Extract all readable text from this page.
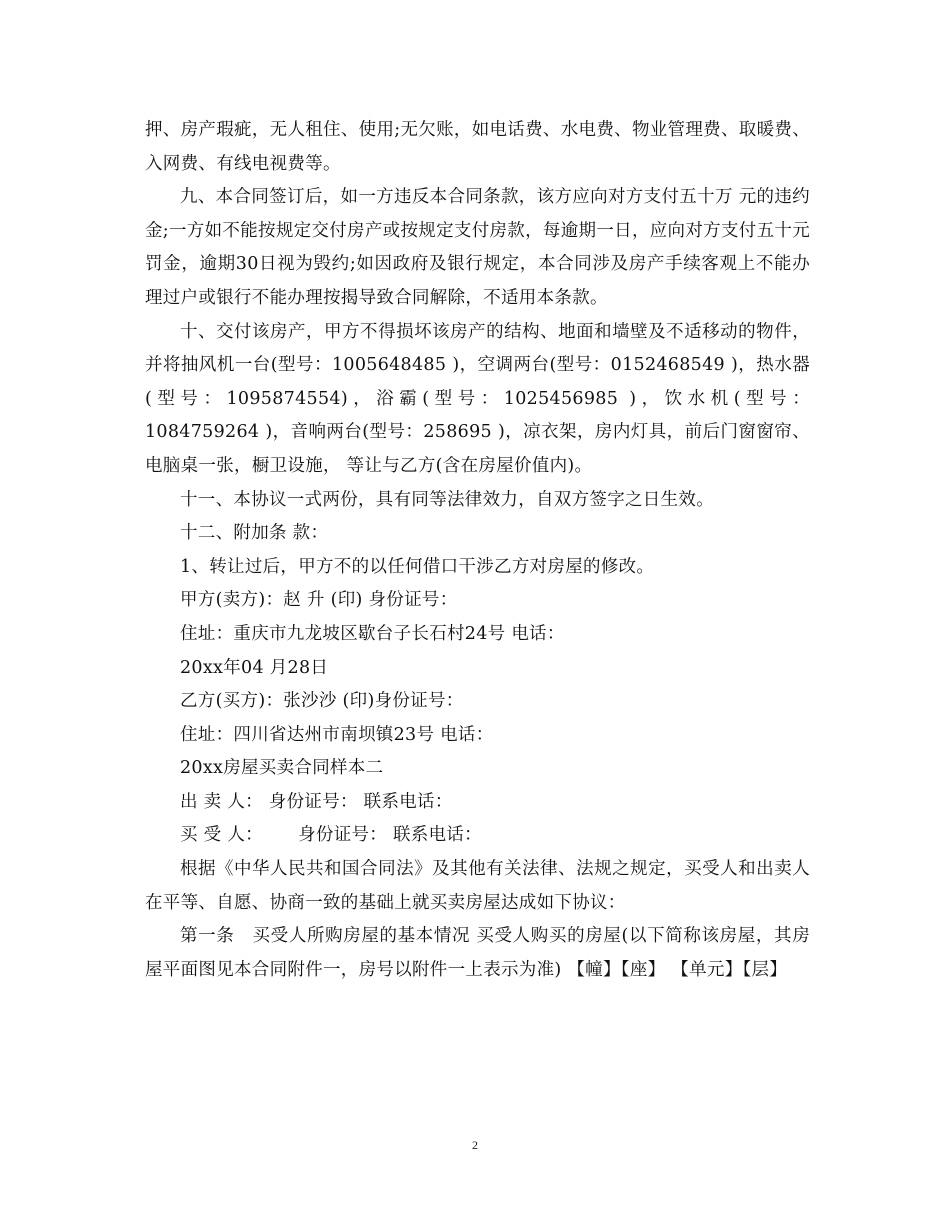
押、房产瑕疵，无人租住、使用;无欠账，如电话费、水电费、物业管理费、取暖费、入网费、有线电视费等。

九、本合同签订后，如一方违反本合同条款，该方应向对方支付五十万 元的违约金;一方如不能按规定交付房产或按规定支付房款，每逾期一日，应向对方支付五十元罚金，逾期30日视为毁约;如因政府及银行规定，本合同涉及房产手续客观上不能办理过户或银行不能办理按揭导致合同解除，不适用本条款。

十、交付该房产，甲方不得损坏该房产的结构、地面和墙壁及不适移动的物件，并将抽风机一台(型号：1005648485 )，空调两台(型号：0152468549 )，热水器(型号：1095874554)，浴霸(型号：1025456985 )，饮水机(型号：1084759264 )，音响两台(型号：258695 )，凉衣架，房内灯具，前后门窗窗帘、电脑桌一张，橱卫设施， 等让与乙方(含在房屋价值内)。

十一、本协议一式两份，具有同等法律效力，自双方签字之日生效。

十二、附加条 款：

1、转让过后，甲方不的以任何借口干涉乙方对房屋的修改。

甲方(卖方)：赵 升 (印) 身份证号：

住址：重庆市九龙坡区歇台子长石村24号 电话：

20xx年04 月28日

乙方(买方)：张沙沙 (印)身份证号：

住址：四川省达州市南坝镇23号 电话：

20xx房屋买卖合同样本二

出 卖 人： 身份证号： 联系电话：

买 受 人：      身份证号： 联系电话：

根据《中华人民共和国合同法》及其他有关法律、法规之规定，买受人和出卖人在平等、自愿、协商一致的基础上就买卖房屋达成如下协议：

第一条　买受人所购房屋的基本情况 买受人购买的房屋(以下简称该房屋，其房屋平面图见本合同附件一，房号以附件一上表示为准) 【幢】【座】 【单元】【层】

2
